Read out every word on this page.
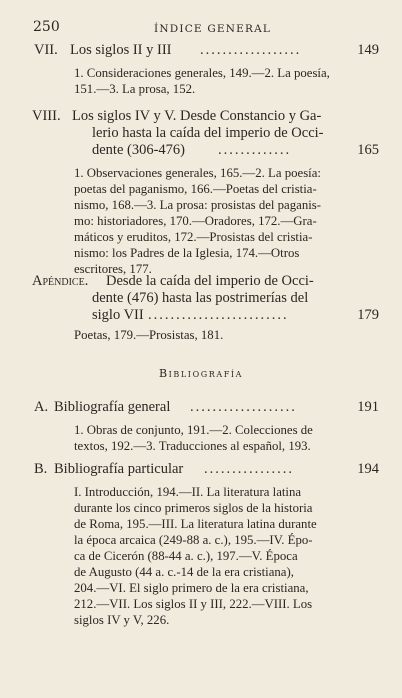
250	ÍNDICE GENERAL
VII. Los siglos II y III ..................	149
1. Consideraciones generales, 149.—2. La poesía,
151.—3. La prosa, 152.
VIII. Los siglos IV y V. Desde Constancio y Ga-
lerio hasta la caída del imperio de Occi-
dente (306-476) .............	165
1. Observaciones generales, 165.—2. La poesía:
poetas del paganismo, 166.—Poetas del cristia-
nismo, 168.—3. La prosa: prosistas del paganis-
mo: historiadores, 170.—Oradores, 172.—Gra-
máticos y eruditos, 172.—Prosistas del cristia-
nismo: los Padres de la Iglesia, 174.—Otros
escritores, 177.
Apéndice. Desde la caída del imperio de Occi-
dente (476) hasta las postrimerías del
siglo VII .........................	179
Poetas, 179.—Prosistas, 181.
Bibliografía
A. Bibliografía general ...................	191
1. Obras de conjunto, 191.—2. Colecciones de
textos, 192.—3. Traducciones al español, 193.
B. Bibliografía particular ................	194
I. Introducción, 194.—II. La literatura latina
durante los cinco primeros siglos de la historia
de Roma, 195.—III. La literatura latina durante
la época arcaica (249-88 a. c.), 195.—IV. Épo-
ca de Cicerón (88-44 a. c.), 197.—V. Época
de Augusto (44 a. c.-14 de la era cristiana),
204.—VI. El siglo primero de la era cristiana,
212.—VII. Los siglos II y III, 222.—VIII. Los
siglos IV y V, 226.
